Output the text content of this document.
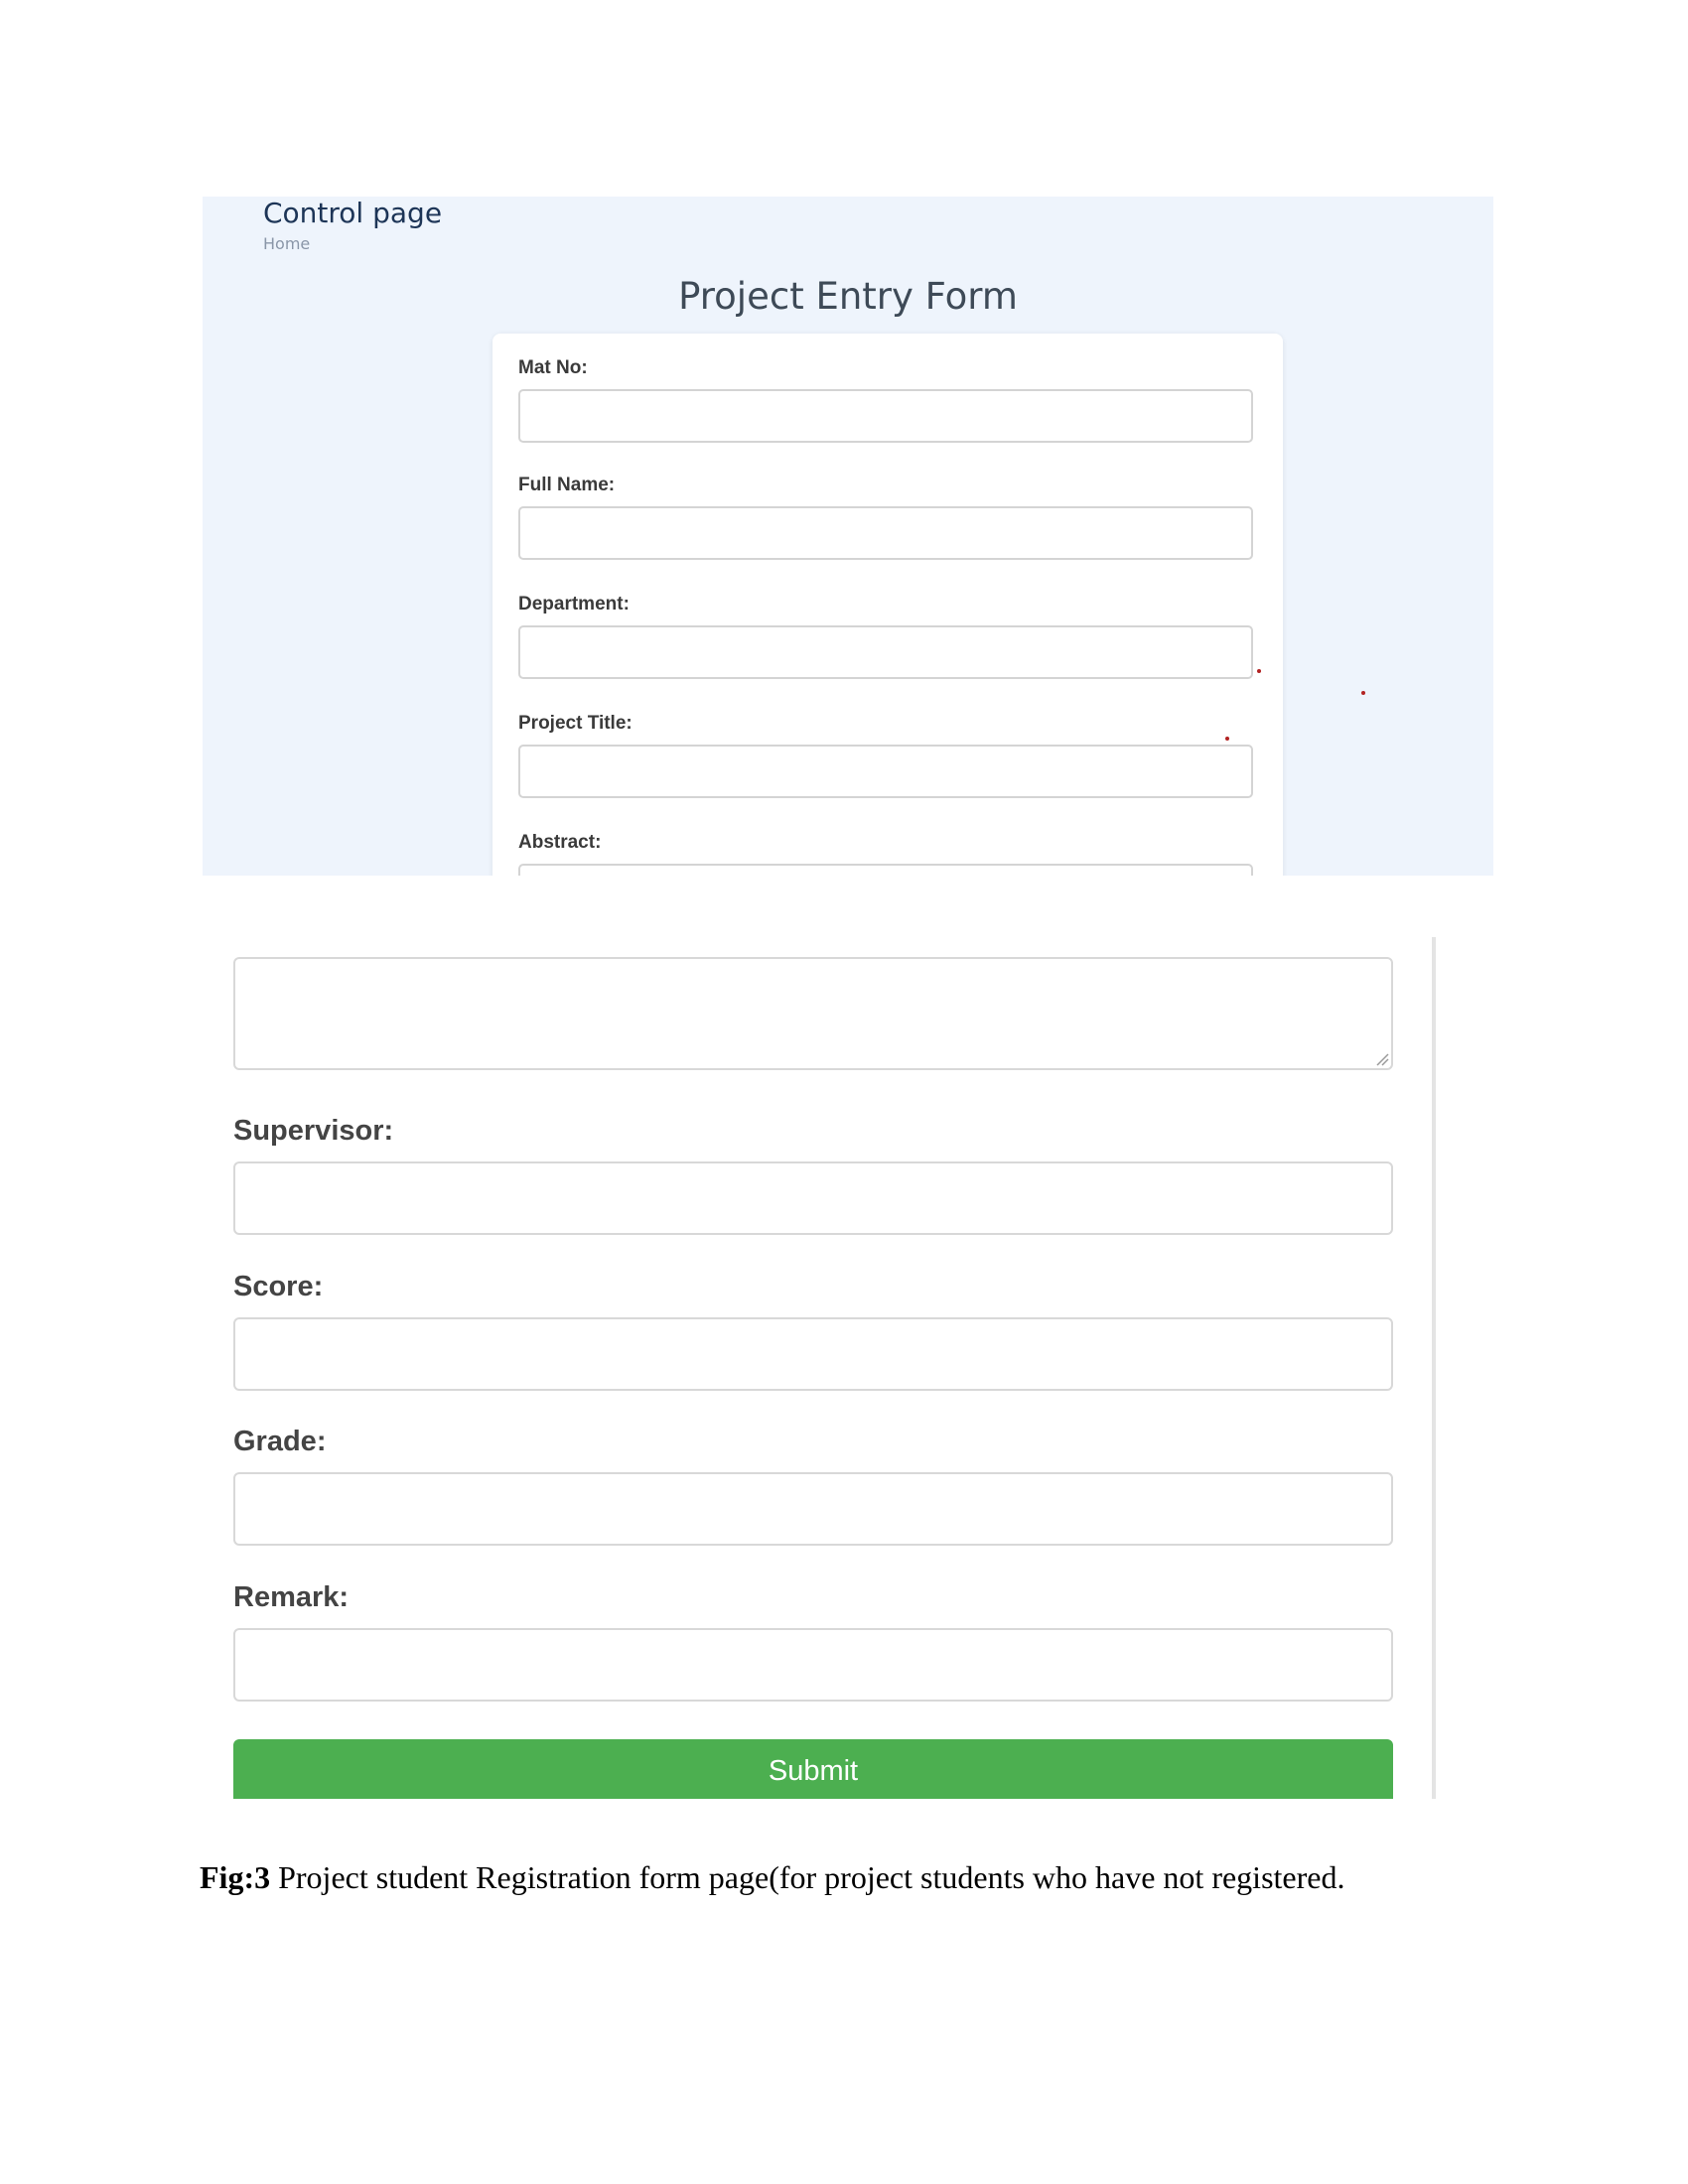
Control page
Home
Project Entry Form
Mat No:
Full Name:
Department:
Project Title:
Abstract:
Supervisor:
Score:
Grade:
Remark:
Submit

Fig:3 Project student Registration form page(for project students who have not registered.
